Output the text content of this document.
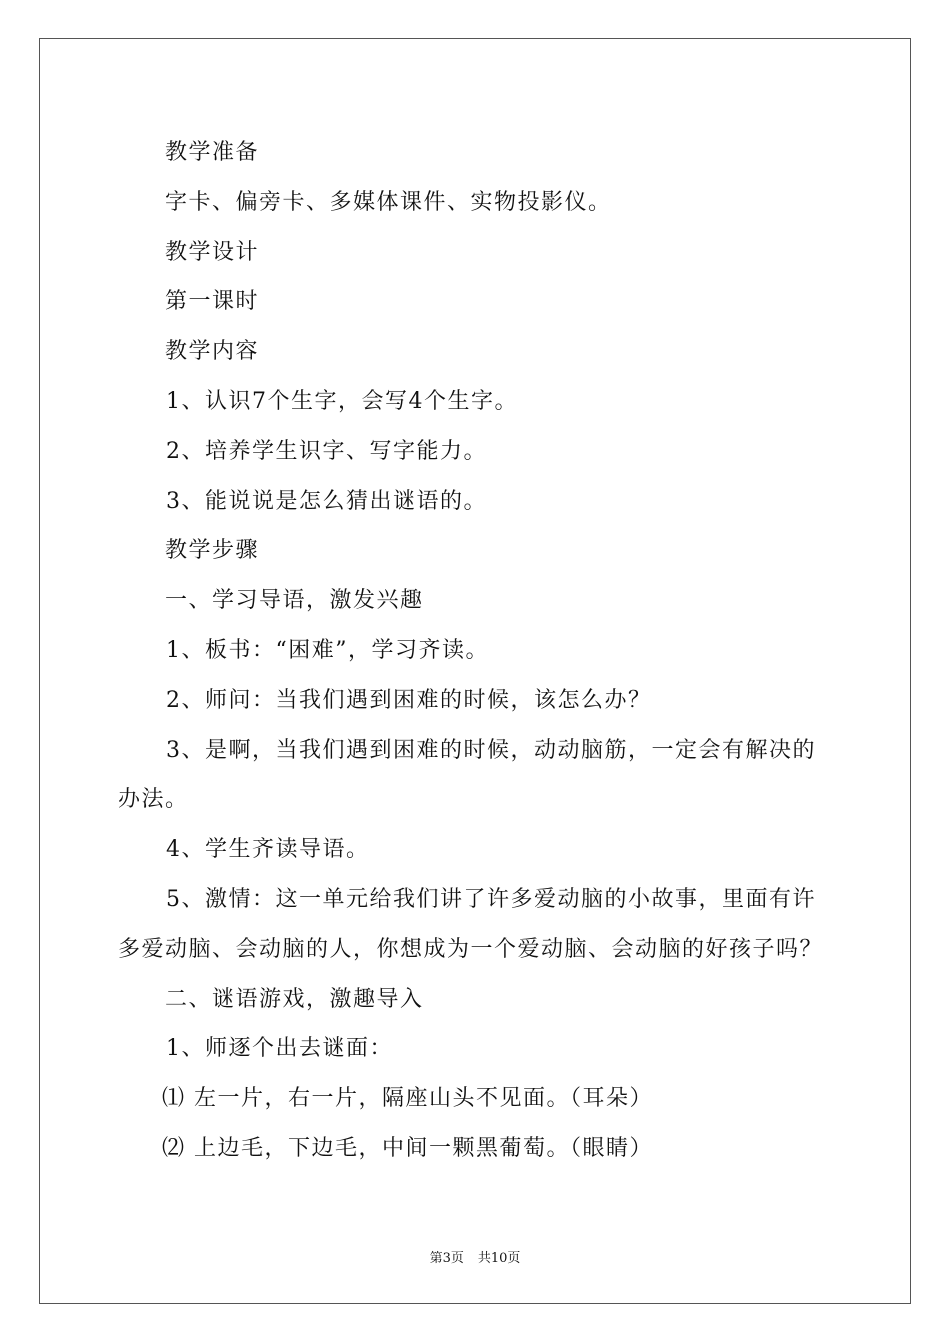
教学准备

字卡、偏旁卡、多媒体课件、实物投影仪。

教学设计

第一课时

教学内容

1、认识7个生字，会写4个生字。

2、培养学生识字、写字能力。

3、能说说是怎么猜出谜语的。

教学步骤

一、学习导语，激发兴趣

1、板书：“困难”，学习齐读。

2、师问：当我们遇到困难的时候，该怎么办？

3、是啊，当我们遇到困难的时候，动动脑筋，一定会有解决的办法。

4、学生齐读导语。

5、激情：这一单元给我们讲了许多爱动脑的小故事，里面有许多爱动脑、会动脑的人，你想成为一个爱动脑、会动脑的好孩子吗？

二、谜语游戏，激趣导入

1、师逐个出去谜面：

⑴ 左一片，右一片，隔座山头不见面。（耳朵）

⑵ 上边毛，下边毛，中间一颗黑葡萄。（眼睛）

第3页 共10页
